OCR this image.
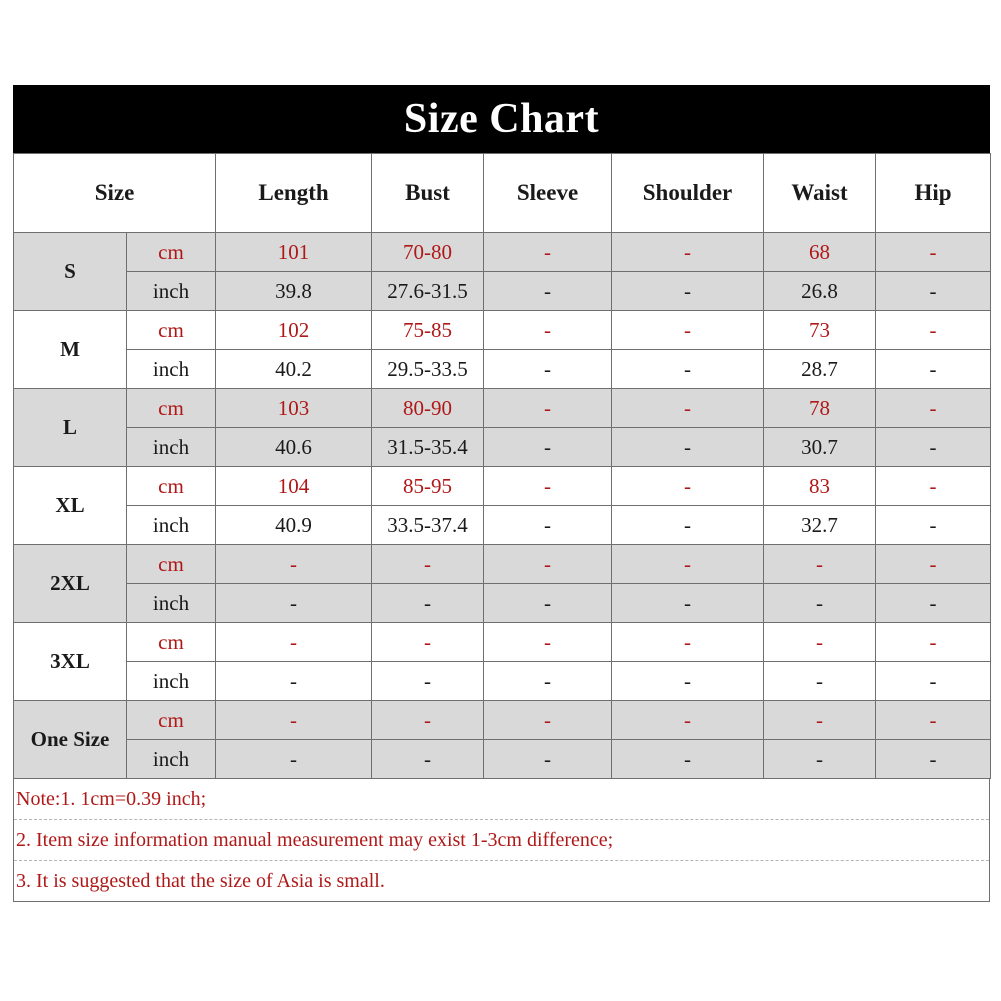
Size Chart
Size		Length	Bust	Sleeve	Shoulder	Waist	Hip
S	cm	101	70-80	-	-	68	-
	inch	39.8	27.6-31.5	-	-	26.8	-
M	cm	102	75-85	-	-	73	-
	inch	40.2	29.5-33.5	-	-	28.7	-
L	cm	103	80-90	-	-	78	-
	inch	40.6	31.5-35.4	-	-	30.7	-
XL	cm	104	85-95	-	-	83	-
	inch	40.9	33.5-37.4	-	-	32.7	-
2XL	cm	-	-	-	-	-	-
	inch	-	-	-	-	-	-
3XL	cm	-	-	-	-	-	-
	inch	-	-	-	-	-	-
One Size	cm	-	-	-	-	-	-
	inch	-	-	-	-	-	-
Note:1. 1cm=0.39 inch;
2. Item size information manual measurement may exist 1-3cm difference;
3. It is suggested that the size of Asia is small.
